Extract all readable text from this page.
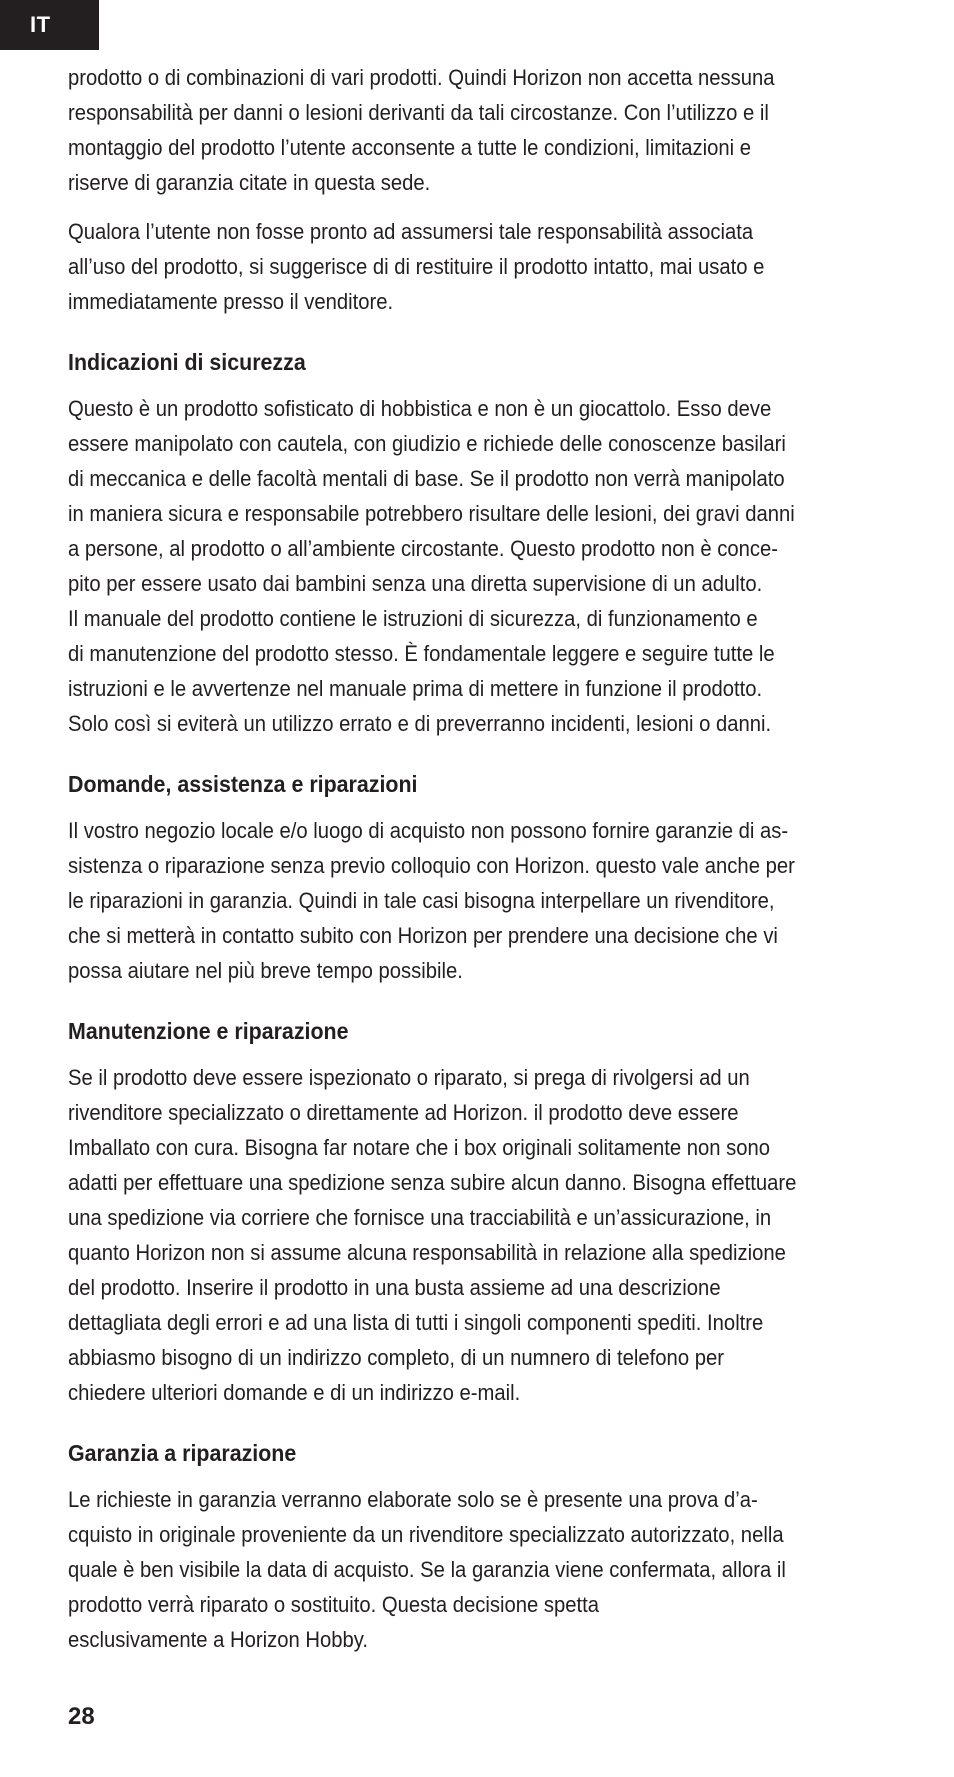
IT

prodotto o di combinazioni di vari prodotti. Quindi Horizon non accetta nessuna
responsabilità per danni o lesioni derivanti da tali circostanze. Con l’utilizzo e il
montaggio del prodotto l’utente acconsente a tutte le condizioni, limitazioni e
riserve di garanzia citate in questa sede.

Qualora l’utente non fosse pronto ad assumersi tale responsabilità associata
all’uso del prodotto, si suggerisce di di restituire il prodotto intatto, mai usato e
immediatamente presso il venditore.

Indicazioni di sicurezza

Questo è un prodotto sofisticato di hobbistica e non è un giocattolo. Esso deve
essere manipolato con cautela, con giudizio e richiede delle conoscenze basilari
di meccanica e delle facoltà mentali di base. Se il prodotto non verrà manipolato
in maniera sicura e responsabile potrebbero risultare delle lesioni, dei gravi danni
a persone, al prodotto o all’ambiente circostante. Questo prodotto non è conce-
pito per essere usato dai bambini senza una diretta supervisione di un adulto.
Il manuale del prodotto contiene le istruzioni di sicurezza, di funzionamento e
di manutenzione del prodotto stesso. È fondamentale leggere e seguire tutte le
istruzioni e le avvertenze nel manuale prima di mettere in funzione il prodotto.
Solo così si eviterà un utilizzo errato e di preverranno incidenti, lesioni o danni.

Domande, assistenza e riparazioni

Il vostro negozio locale e/o luogo di acquisto non possono fornire garanzie di as-
sistenza o riparazione senza previo colloquio con Horizon. questo vale anche per
le riparazioni in garanzia. Quindi in tale casi bisogna interpellare un rivenditore,
che si metterà in contatto subito con Horizon per prendere una decisione che vi
possa aiutare nel più breve tempo possibile.

Manutenzione e riparazione

Se il prodotto deve essere ispezionato o riparato, si prega di rivolgersi ad un
rivenditore specializzato o direttamente ad Horizon. il prodotto deve essere
Imballato con cura. Bisogna far notare che i box originali solitamente non sono
adatti per effettuare una spedizione senza subire alcun danno. Bisogna effettuare
una spedizione via corriere che fornisce una tracciabilità e un’assicurazione, in
quanto Horizon non si assume alcuna responsabilità in relazione alla spedizione
del prodotto. Inserire il prodotto in una busta assieme ad una descrizione
dettagliata degli errori e ad una lista di tutti i singoli componenti spediti. Inoltre
abbiasmo bisogno di un indirizzo completo, di un numnero di telefono per
chiedere ulteriori domande e di un indirizzo e-mail.

Garanzia a riparazione

Le richieste in garanzia verranno elaborate solo se è presente una prova d’a-
cquisto in originale proveniente da un rivenditore specializzato autorizzato, nella
quale è ben visibile la data di acquisto. Se la garanzia viene confermata, allora il
prodotto verrà riparato o sostituito. Questa decisione spetta
esclusivamente a Horizon Hobby.

28
